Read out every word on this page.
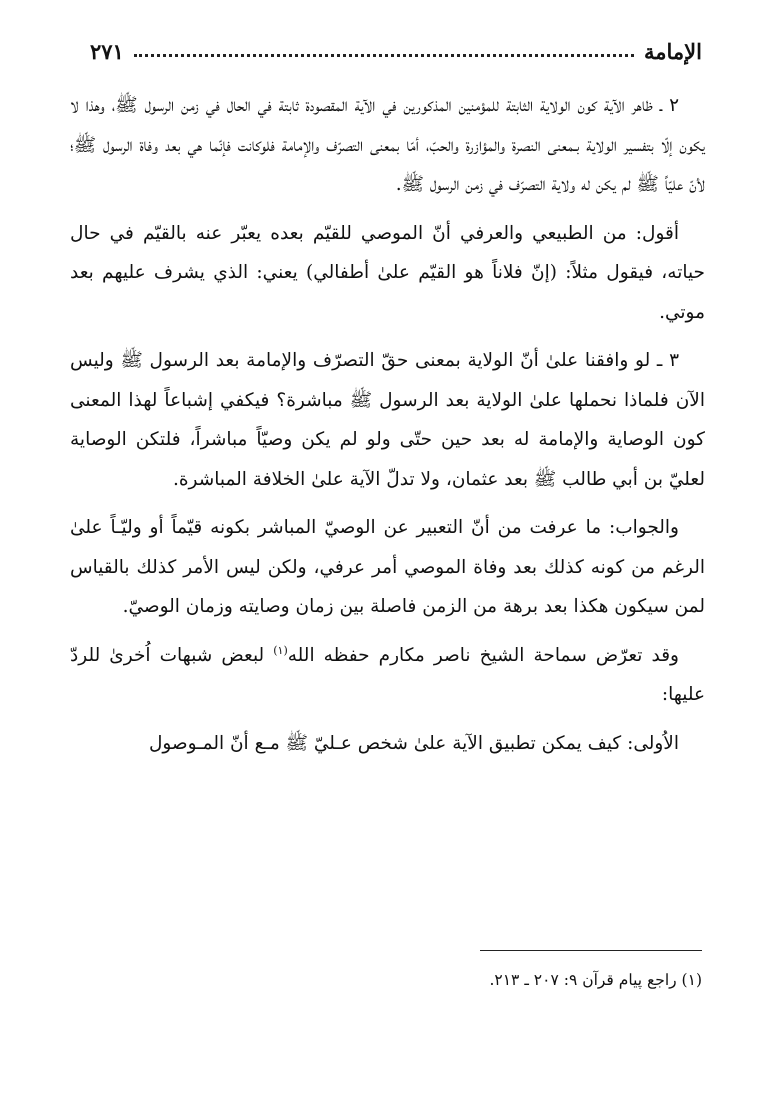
الإمامة
٢٧١

٢ ـ ظاهر الآية كون الولاية الثابتة للمؤمنين المذكورين في الآية المقصودة ثابتة في الحال في زمن الرسول ﷺ، وهذا لا يكون إلّا بتفسير الولاية بـمعنى النصرة والمؤازرة والحبّ، أمّا بمعنى التصرّف والإمامة فلوكانت فإنّما هي بعد وفاة الرسول ﷺ؛ لأنّ عليّاً ﷺ لم يكن له ولاية التصرّف في زمن الرسول ﷺ.

أقول: من الطبيعي والعرفي أنّ الموصي للقيّم بعده يعبّر عنه بالقيّم في حال حياته، فيقول مثلاً: (إنّ فلاناً هو القيّم علىٰ أطفالي) يعني: الذي يشرف عليهم بعد موتي.

٣ ـ لو وافقنا علىٰ أنّ الولاية بمعنى حقّ التصرّف والإمامة بعد الرسول ﷺ وليس الآن فلماذا نحملها علىٰ الولاية بعد الرسول ﷺ مباشرة؟ فيكفي إشباعاً لهذا المعنى كون الوصاية والإمامة له بعد حين حتّى ولو لم يكن وصيّاً مباشراً، فلتكن الوصاية لعليّ بن أبي طالب ﷺ بعد عثمان، ولا تدلّ الآية علىٰ الخلافة المباشرة.

والجواب: ما عرفت من أنّ التعبير عن الوصيّ المباشر بكونه قيّماً أو وليّـاً علىٰ الرغم من كونه كذلك بعد وفاة الموصي أمر عرفي، ولكن ليس الأمر كذلك بالقياس لمن سيكون هكذا بعد برهة من الزمن فاصلة بين زمان وصايته وزمان الوصيّ.

وقد تعرّض سماحة الشيخ ناصر مكارم حفظه الله$^{(١)}$ لبعض شبهات اُخرىٰ للردّ عليها:

الاُولى: كيف يمكن تطبيق الآية علىٰ شخص عـليّ ﷺ مـع أنّ المـوصول

(١) راجع پيام قرآن ٩: ٢٠٧ ـ ٢١٣.
